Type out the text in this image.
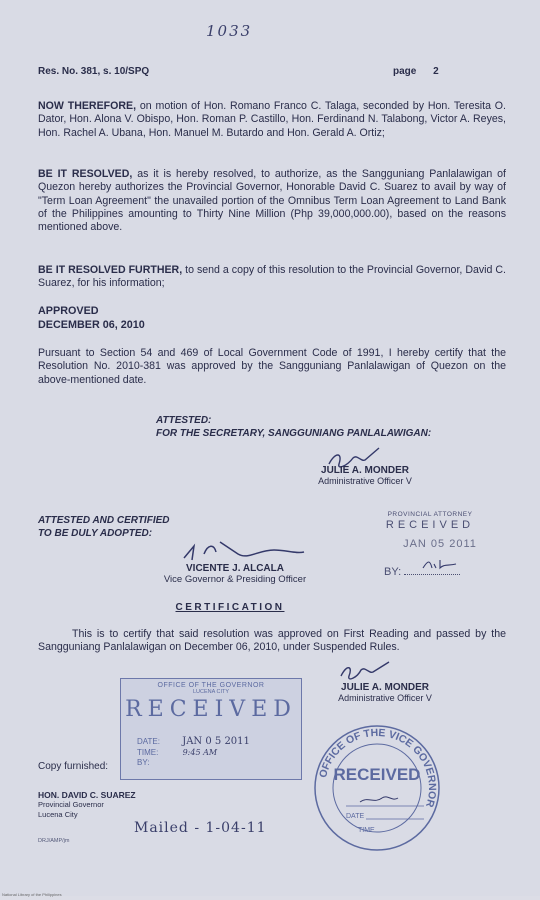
1033
Res. No. 381, s. 10/SPQ	page 2
NOW THEREFORE, on motion of Hon. Romano Franco C. Talaga, seconded by Hon. Teresita O. Dator, Hon. Alona V. Obispo, Hon. Roman P. Castillo, Hon. Ferdinand N. Talabong, Victor A. Reyes, Hon. Rachel A. Ubana, Hon. Manuel M. Butardo and Hon. Gerald A. Ortiz;
BE IT RESOLVED, as it is hereby resolved, to authorize, as the Sangguniang Panlalawigan of Quezon hereby authorizes the Provincial Governor, Honorable David C. Suarez to avail by way of "Term Loan Agreement" the unavailed portion of the Omnibus Term Loan Agreement to Land Bank of the Philippines amounting to Thirty Nine Million (Php 39,000,000.00), based on the reasons mentioned above.
BE IT RESOLVED FURTHER, to send a copy of this resolution to the Provincial Governor, David C. Suarez, for his information;
APPROVED
DECEMBER 06, 2010
Pursuant to Section 54 and 469 of Local Government Code of 1991, I hereby certify that the Resolution No. 2010-381 was approved by the Sangguniang Panlalawigan of Quezon on the above-mentioned date.
ATTESTED:
FOR THE SECRETARY, SANGGUNIANG PANLALAWIGAN:
JULIE A. MONDER
Administrative Officer V
ATTESTED AND CERTIFIED
TO BE DULY ADOPTED:
PROVINCIAL ATTORNEY
RECEIVED
JAN 05 2011
BY:
VICENTE J. ALCALA
Vice Governor & Presiding Officer
CERTIFICATION
This is to certify that said resolution was approved on First Reading and passed by the Sangguniang Panlalawigan on December 06, 2010, under Suspended Rules.
JULIE A. MONDER
Administrative Officer V
OFFICE OF THE GOVERNOR
LUCENA CITY
RECEIVED
DATE: JAN 0 5 2011
TIME:	9:45 AM
BY:
OFFICE OF THE VICE GOVERNOR
RECEIVED
DATE
TIME
Copy furnished:
HON. DAVID C. SUAREZ
Provincial Governor
Lucena City
DRJ/AMP/jm
Mailed - 1-04-11
National Library of the Philippines
